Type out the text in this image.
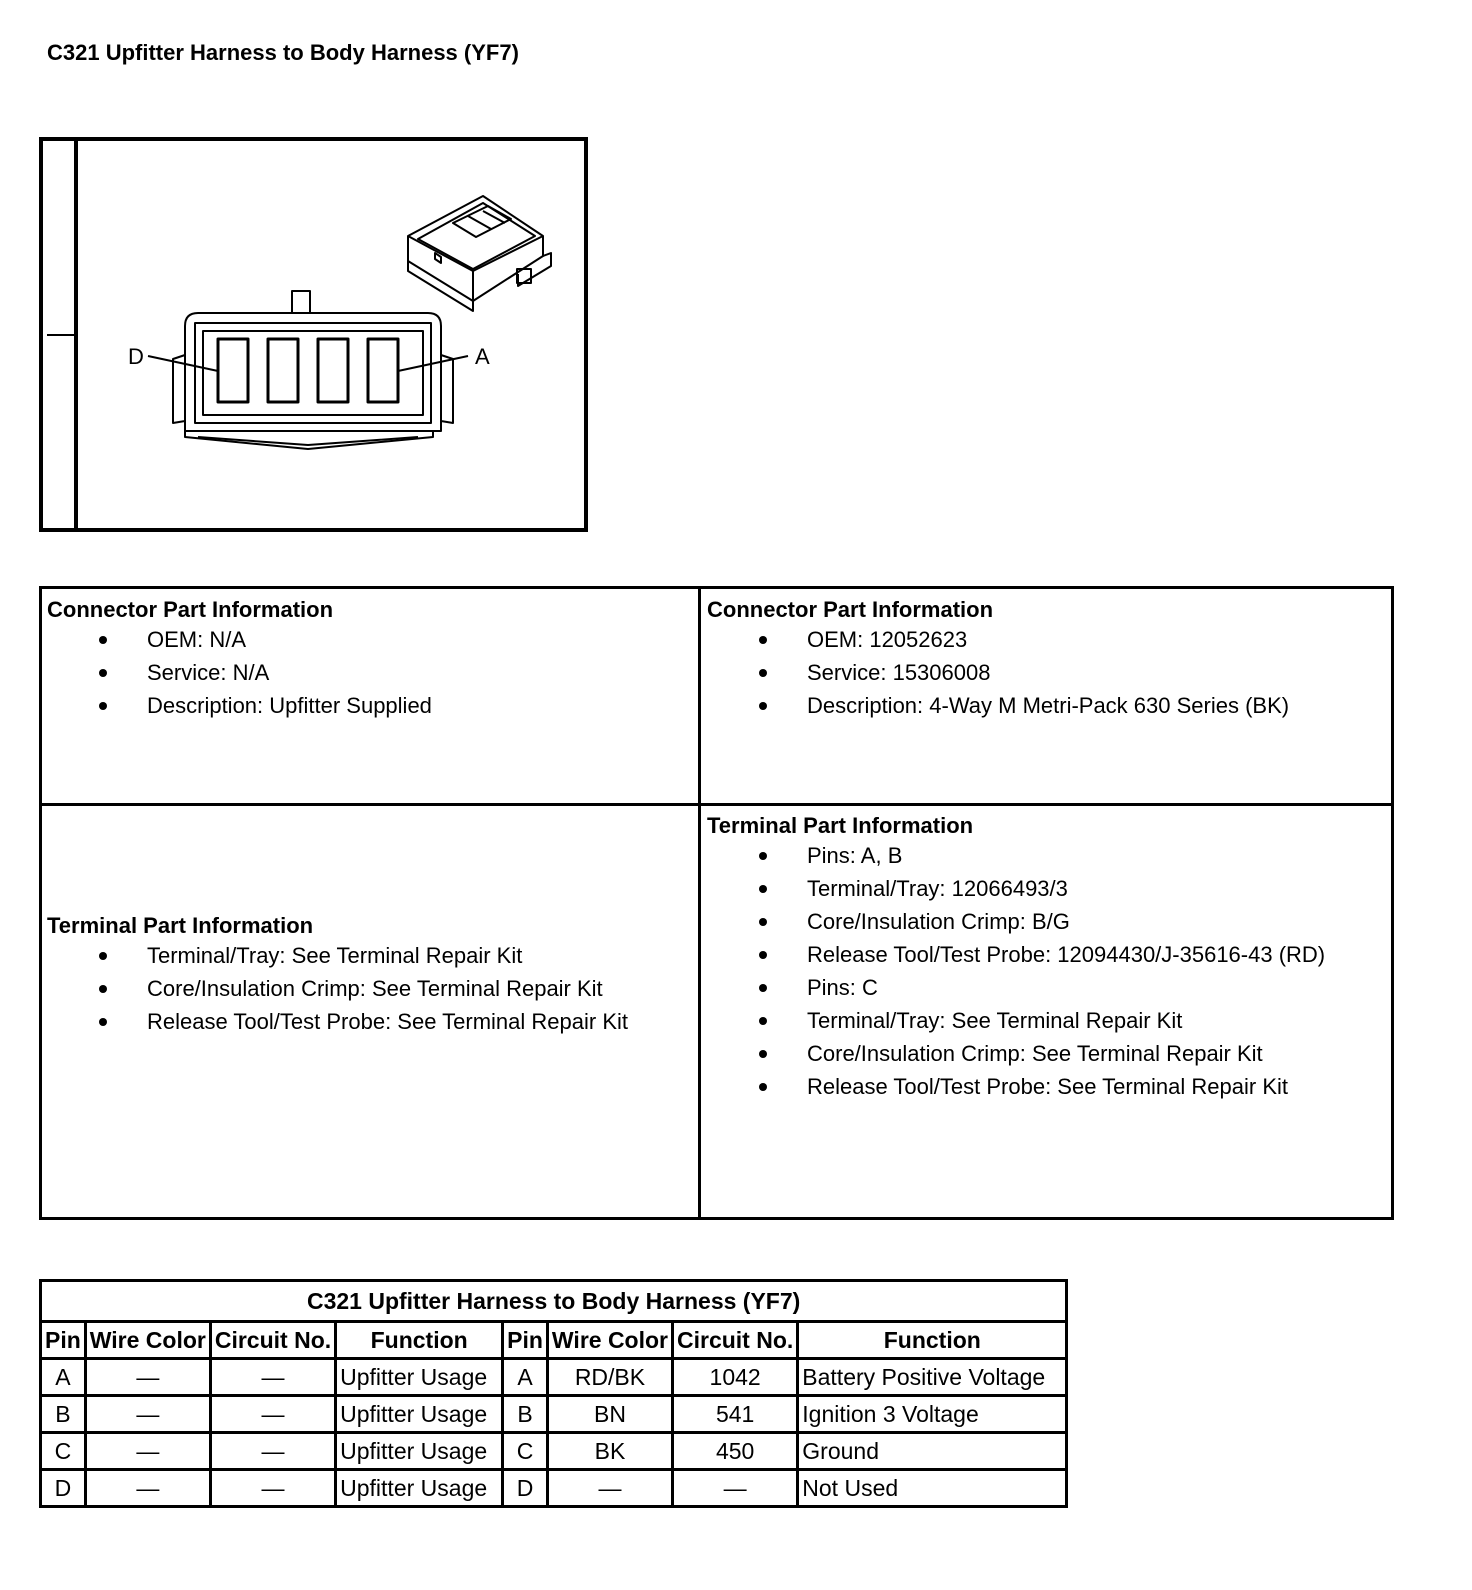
C321 Upfitter Harness to Body Harness (YF7)
D	A
Connector Part Information
OEM: N/A
Service: N/A
Description: Upfitter Supplied
Connector Part Information
OEM: 12052623
Service: 15306008
Description: 4-Way M Metri-Pack 630 Series (BK)
Terminal Part Information
Terminal/Tray: See Terminal Repair Kit
Core/Insulation Crimp: See Terminal Repair Kit
Release Tool/Test Probe: See Terminal Repair Kit
Terminal Part Information
Pins: A, B
Terminal/Tray: 12066493/3
Core/Insulation Crimp: B/G
Release Tool/Test Probe: 12094430/J-35616-43 (RD)
Pins: C
Terminal/Tray: See Terminal Repair Kit
Core/Insulation Crimp: See Terminal Repair Kit
Release Tool/Test Probe: See Terminal Repair Kit
C321 Upfitter Harness to Body Harness (YF7)							
Pin	Wire Color	Circuit No.	Function	Pin	Wire Color	Circuit No.	Function
A	—	—	Upfitter Usage	A	RD/BK	1042	Battery Positive Voltage
B	—	—	Upfitter Usage	B	BN	541	Ignition 3 Voltage
C	—	—	Upfitter Usage	C	BK	450	Ground
D	—	—	Upfitter Usage	D	—	—	Not Used
